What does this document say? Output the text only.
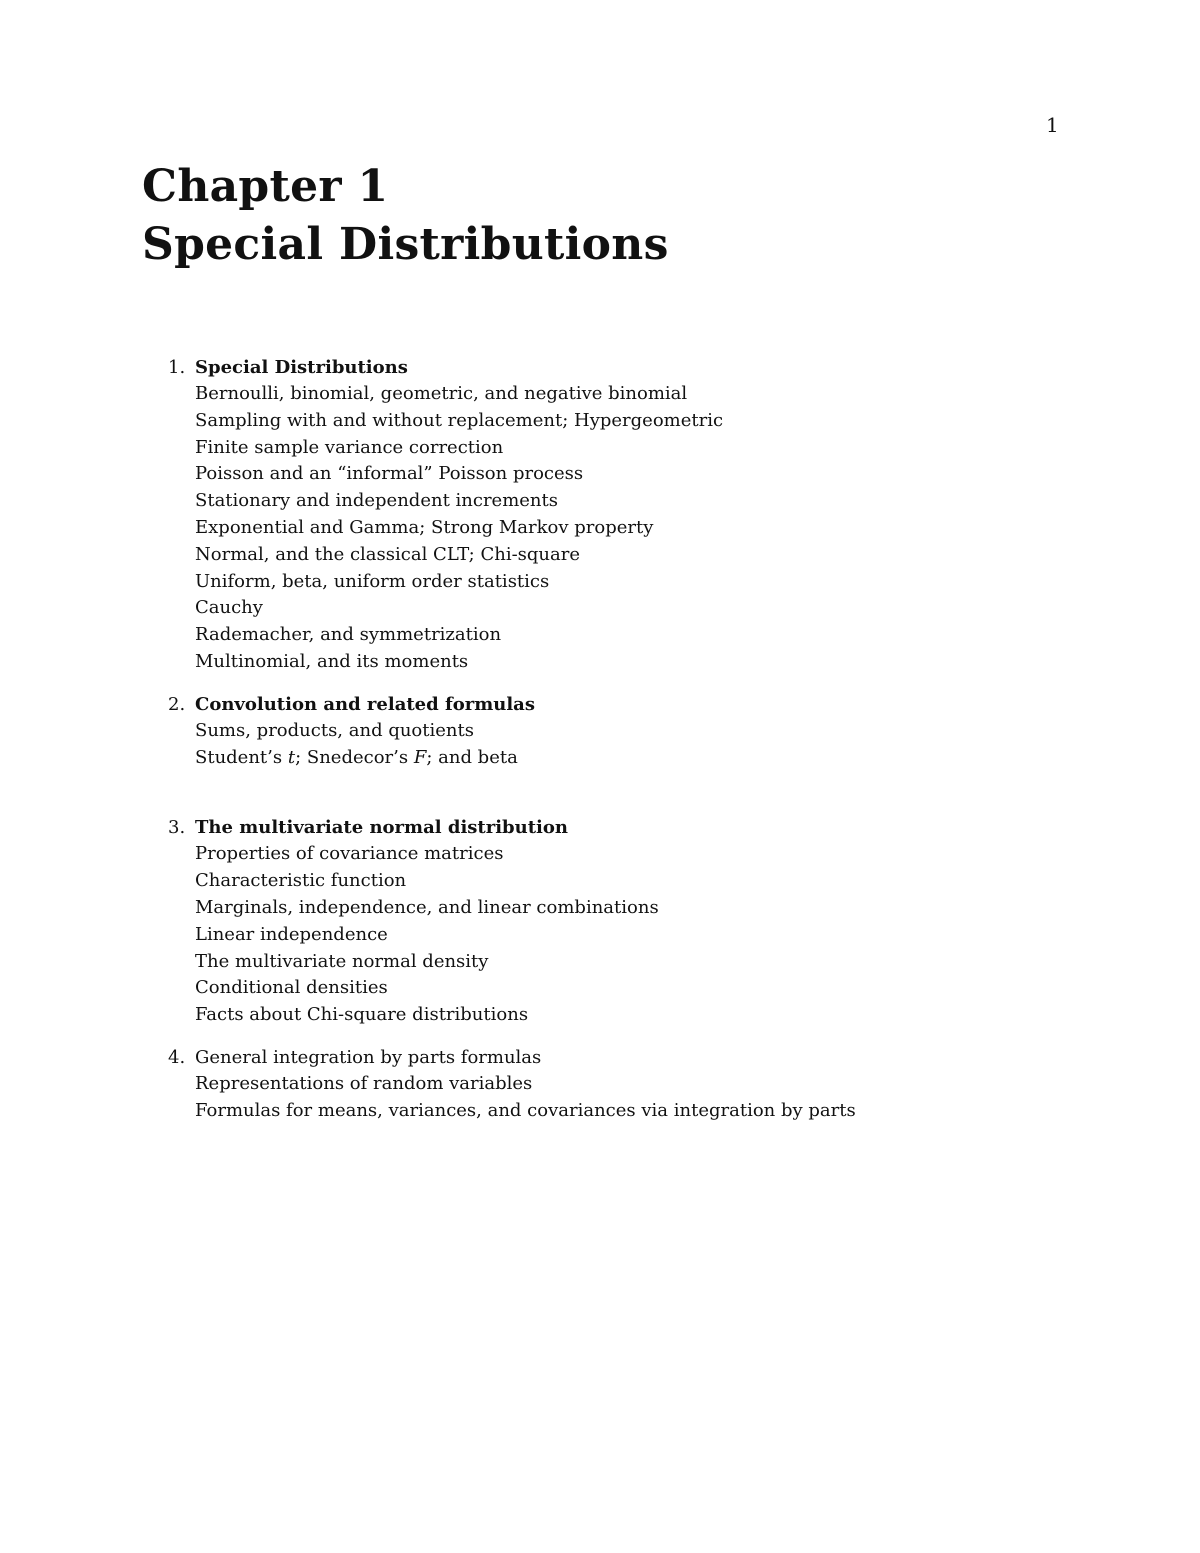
1
Chapter 1
Special Distributions
1. Special Distributions
Bernoulli, binomial, geometric, and negative binomial
Sampling with and without replacement; Hypergeometric
Finite sample variance correction
Poisson and an “informal” Poisson process
Stationary and independent increments
Exponential and Gamma; Strong Markov property
Normal, and the classical CLT; Chi-square
Uniform, beta, uniform order statistics
Cauchy
Rademacher, and symmetrization
Multinomial, and its moments
2. Convolution and related formulas
Sums, products, and quotients
Student’s t; Snedecor’s F; and beta
3. The multivariate normal distribution
Properties of covariance matrices
Characteristic function
Marginals, independence, and linear combinations
Linear independence
The multivariate normal density
Conditional densities
Facts about Chi-square distributions
4. General integration by parts formulas
Representations of random variables
Formulas for means, variances, and covariances via integration by parts
